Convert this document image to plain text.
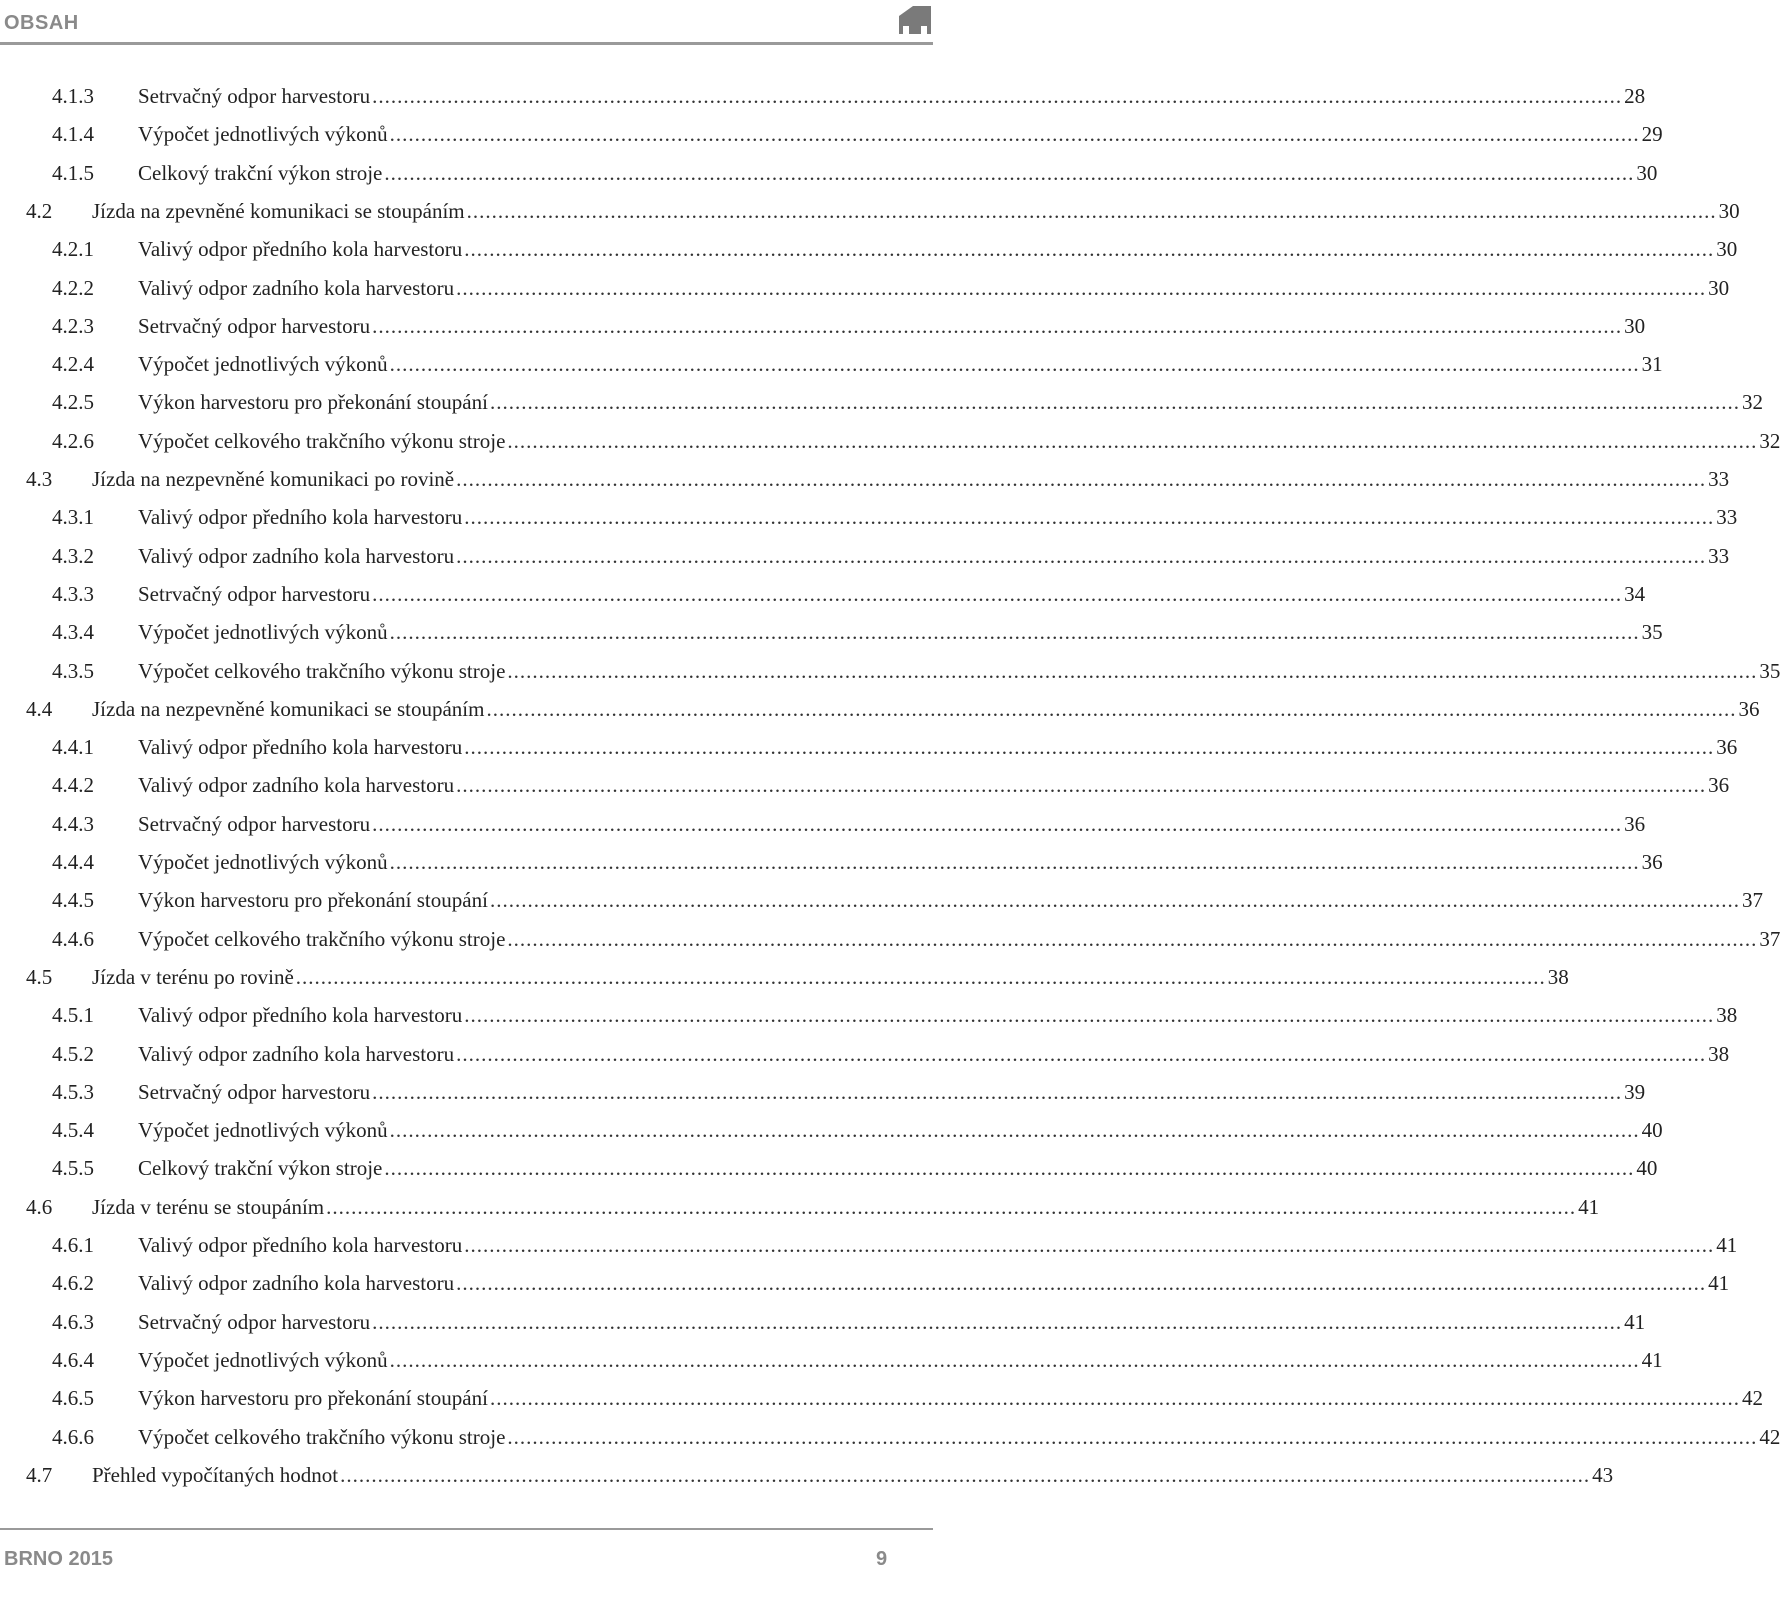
OBSAH
4.1.3	Setrvačný odpor harvestoru ........................................................................................................................................................................................................ 28
4.1.4	Výpočet jednotlivých výkonů ........................................................................................................................................................................................................ 29
4.1.5	Celkový trakční výkon stroje ........................................................................................................................................................................................................ 30
4.2	Jízda na zpevněné komunikaci se stoupáním ........................................................................................................................................................................................................ 30
4.2.1	Valivý odpor předního kola harvestoru ........................................................................................................................................................................................................ 30
4.2.2	Valivý odpor zadního kola harvestoru ........................................................................................................................................................................................................ 30
4.2.3	Setrvačný odpor harvestoru ........................................................................................................................................................................................................ 30
4.2.4	Výpočet jednotlivých výkonů ........................................................................................................................................................................................................ 31
4.2.5	Výkon harvestoru pro překonání stoupání ........................................................................................................................................................................................................ 32
4.2.6	Výpočet celkového trakčního výkonu stroje ........................................................................................................................................................................................................ 32
4.3	Jízda na nezpevněné komunikaci po rovině ........................................................................................................................................................................................................ 33
4.3.1	Valivý odpor předního kola harvestoru ........................................................................................................................................................................................................ 33
4.3.2	Valivý odpor zadního kola harvestoru ........................................................................................................................................................................................................ 33
4.3.3	Setrvačný odpor harvestoru ........................................................................................................................................................................................................ 34
4.3.4	Výpočet jednotlivých výkonů ........................................................................................................................................................................................................ 35
4.3.5	Výpočet celkového trakčního výkonu stroje ........................................................................................................................................................................................................ 35
4.4	Jízda na nezpevněné komunikaci se stoupáním ........................................................................................................................................................................................................ 36
4.4.1	Valivý odpor předního kola harvestoru ........................................................................................................................................................................................................ 36
4.4.2	Valivý odpor zadního kola harvestoru ........................................................................................................................................................................................................ 36
4.4.3	Setrvačný odpor harvestoru ........................................................................................................................................................................................................ 36
4.4.4	Výpočet jednotlivých výkonů ........................................................................................................................................................................................................ 36
4.4.5	Výkon harvestoru pro překonání stoupání ........................................................................................................................................................................................................ 37
4.4.6	Výpočet celkového trakčního výkonu stroje ........................................................................................................................................................................................................ 37
4.5	Jízda v terénu po rovině ........................................................................................................................................................................................................ 38
4.5.1	Valivý odpor předního kola harvestoru ........................................................................................................................................................................................................ 38
4.5.2	Valivý odpor zadního kola harvestoru ........................................................................................................................................................................................................ 38
4.5.3	Setrvačný odpor harvestoru ........................................................................................................................................................................................................ 39
4.5.4	Výpočet jednotlivých výkonů ........................................................................................................................................................................................................ 40
4.5.5	Celkový trakční výkon stroje ........................................................................................................................................................................................................ 40
4.6	Jízda v terénu se stoupáním ........................................................................................................................................................................................................ 41
4.6.1	Valivý odpor předního kola harvestoru ........................................................................................................................................................................................................ 41
4.6.2	Valivý odpor zadního kola harvestoru ........................................................................................................................................................................................................ 41
4.6.3	Setrvačný odpor harvestoru ........................................................................................................................................................................................................ 41
4.6.4	Výpočet jednotlivých výkonů ........................................................................................................................................................................................................ 41
4.6.5	Výkon harvestoru pro překonání stoupání ........................................................................................................................................................................................................ 42
4.6.6	Výpočet celkového trakčního výkonu stroje ........................................................................................................................................................................................................ 42
4.7	Přehled vypočítaných hodnot ........................................................................................................................................................................................................ 43
BRNO 2015	9
